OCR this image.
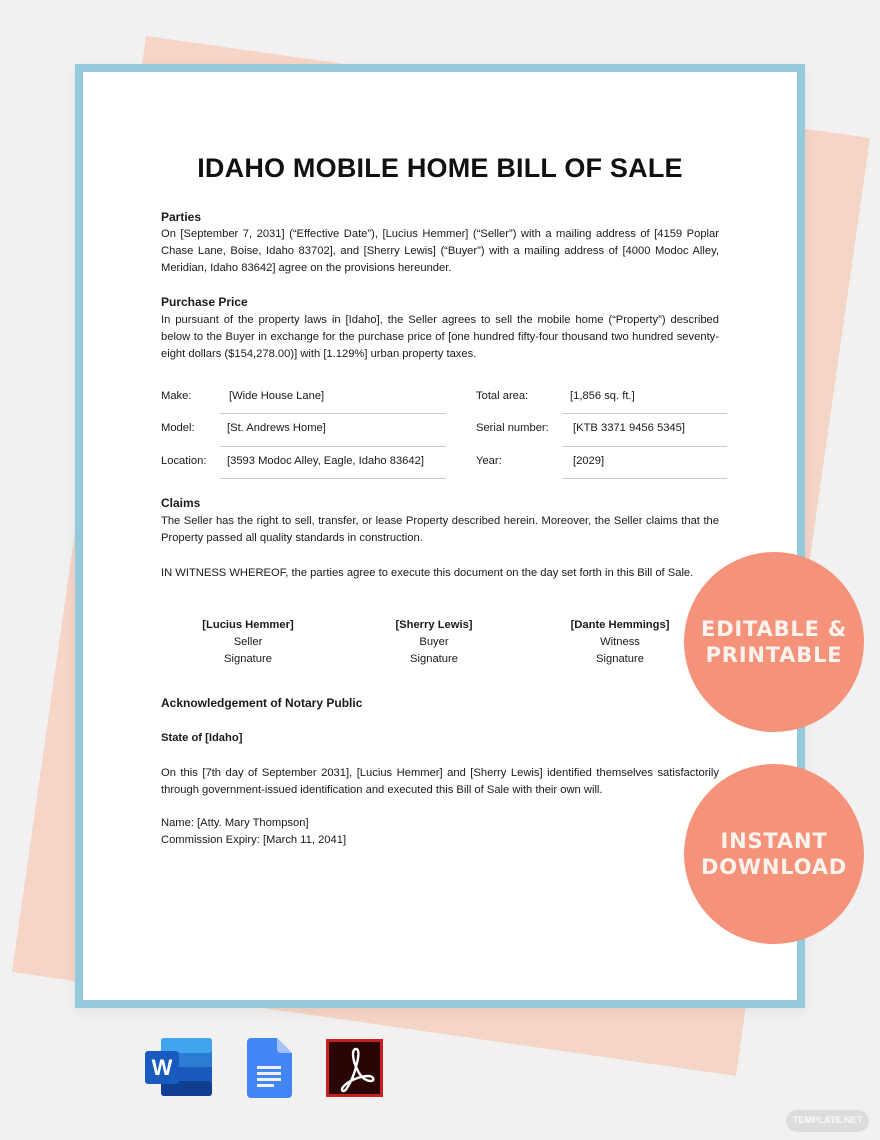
IDAHO MOBILE HOME BILL OF SALE
Parties
On [September 7, 2031] (“Effective Date”), [Lucius Hemmer] (“Seller”) with a mailing address of [4159 Poplar Chase Lane, Boise, Idaho 83702], and [Sherry Lewis] (“Buyer”) with a mailing address of [4000 Modoc Alley, Meridian, Idaho 83642] agree on the provisions hereunder.
Purchase Price
In pursuant of the property laws in [Idaho], the Seller agrees to sell the mobile home (“Property”) described below to the Buyer in exchange for the purchase price of [one hundred fifty-four thousand two hundred seventy-eight dollars ($154,278.00)] with [1.129%] urban property taxes.
Make:	[Wide House Lane]
Model:	[St. Andrews Home]
Location: [3593 Modoc Alley, Eagle, Idaho 83642]
Total area:	[1,856 sq. ft.]
Serial number: [KTB 3371 9456 5345]
Year:	[2029]
Claims
The Seller has the right to sell, transfer, or lease Property described herein. Moreover, the Seller claims that the Property passed all quality standards in construction.
IN WITNESS WHEREOF, the parties agree to execute this document on the day set forth in this Bill of Sale.
[Lucius Hemmer]
Seller
Signature
[Sherry Lewis]
Buyer
Signature
[Dante Hemmings]
Witness
Signature
Acknowledgement of Notary Public
State of [Idaho]
On this [7th day of September 2031], [Lucius Hemmer] and [Sherry Lewis] identified themselves satisfactorily through government-issued identification and executed this Bill of Sale with their own will.
Name: [Atty. Mary Thompson]
Commission Expiry: [March 11, 2041]
EDITABLE &
PRINTABLE
INSTANT
DOWNLOAD
W
TEMPLATE.NET
